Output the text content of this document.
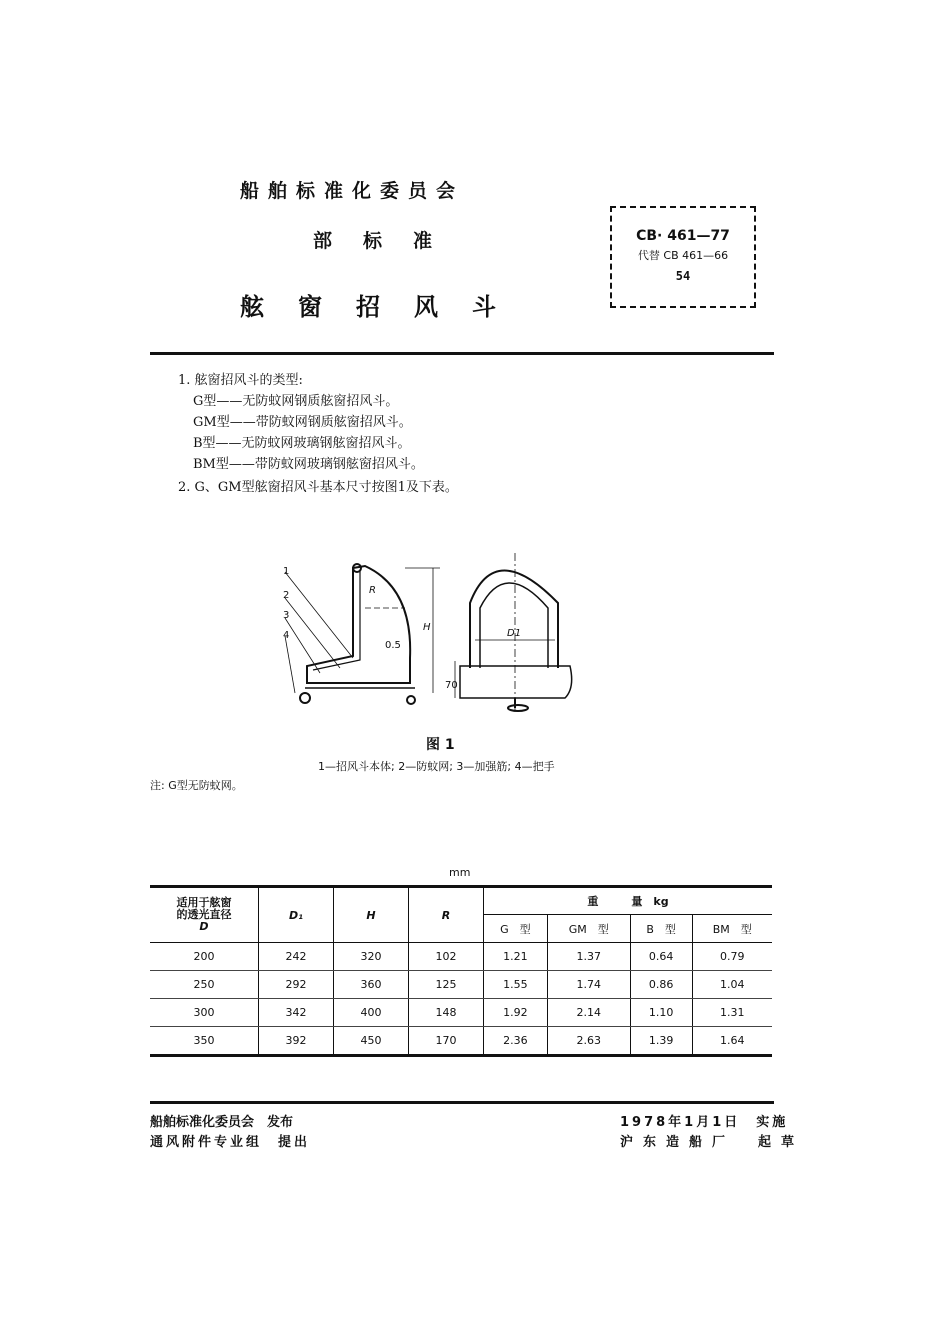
船舶标准化委员会
部标准
舷窗招风斗
CB· 461—77
代替 CB 461—66
54
1. 舷窗招风斗的类型:
G型——无防蚊网钢质舷窗招风斗。
GM型——带防蚊网钢质舷窗招风斗。
B型——无防蚊网玻璃钢舷窗招风斗。
BM型——带防蚊网玻璃钢舷窗招风斗。
2. G、GM型舷窗招风斗基本尺寸按图1及下表。
1
2
3
4
R
H
0.5
D1
70
图 1
1—招风斗本体; 2—防蚊网; 3—加强筋; 4—把手
注: G型无防蚊网。
mm
适用于舷窗
的透光直径
D	D₁	H	R	重　　　量　kg			
				G　型	GM　型	B　型	BM　型
200	242	320	102	1.21	1.37	0.64	0.79
250	292	360	125	1.55	1.74	0.86	1.04
300	342	400	148	1.92	2.14	1.10	1.31
350	392	450	170	2.36	2.63	1.39	1.64
船舶标准化委员会　发布
通风附件专业组　提出
1978年1月1日　实施
沪东造船厂　起草
